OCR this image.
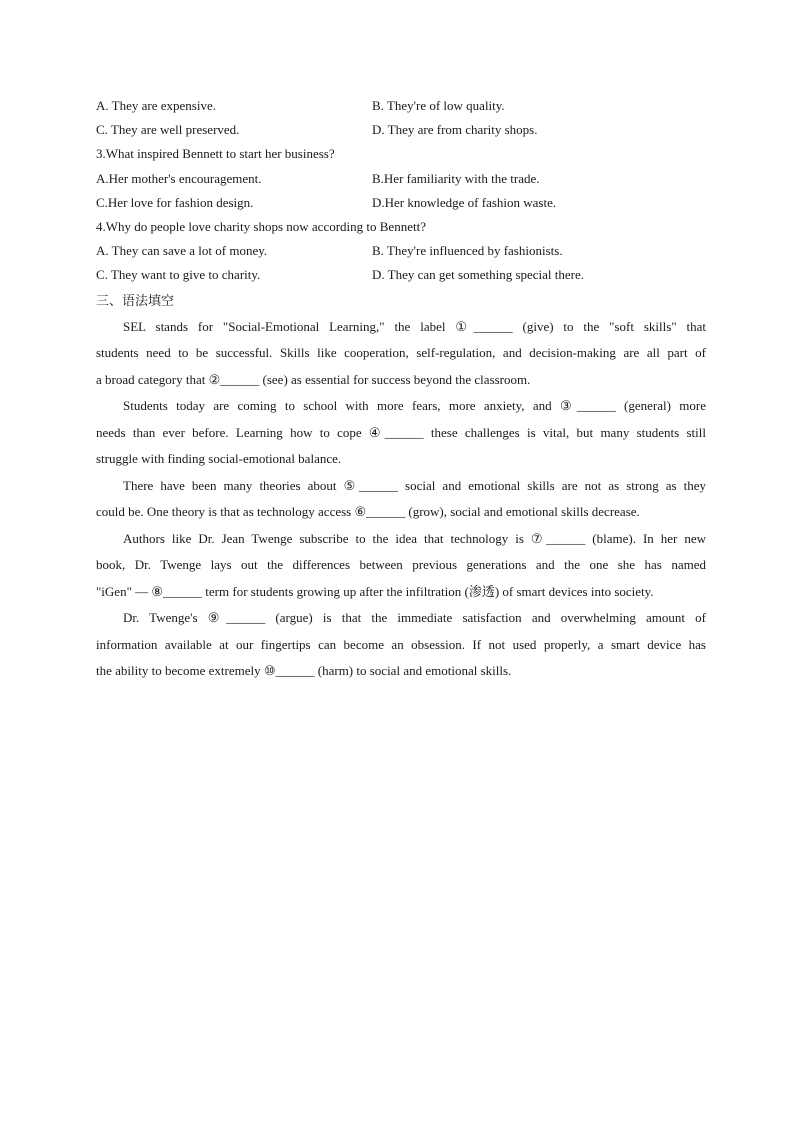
A. They are expensive.	B. They're of low quality.
C. They are well preserved.	D. They are from charity shops.
3.What inspired Bennett to start her business?
A.Her mother's encouragement.	B.Her familiarity with the trade.
C.Her love for fashion design.	D.Her knowledge of fashion waste.
4.Why do people love charity shops now according to Bennett?
A. They can save a lot of money.	B. They're influenced by fashionists.
C. They want to give to charity.	D. They can get something special there.
三、语法填空
SEL stands for "Social-Emotional Learning," the label ①______ (give) to the "soft skills" that
students need to be successful. Skills like cooperation, self-regulation, and decision-making are all part of
a broad category that ②______ (see) as essential for success beyond the classroom.
Students today are coming to school with more fears, more anxiety, and ③______ (general) more
needs than ever before. Learning how to cope ④______ these challenges is vital, but many students still
struggle with finding social-emotional balance.
There have been many theories about ⑤______ social and emotional skills are not as strong as they
could be. One theory is that as technology access ⑥______ (grow), social and emotional skills decrease.
Authors like Dr. Jean Twenge subscribe to the idea that technology is ⑦______ (blame). In her new
book, Dr. Twenge lays out the differences between previous generations and the one she has named
"iGen" — ⑧______ term for students growing up after the infiltration (渗透) of smart devices into society.
Dr. Twenge's ⑨______ (argue) is that the immediate satisfaction and overwhelming amount of
information available at our fingertips can become an obsession. If not used properly, a smart device has
the ability to become extremely ⑩______ (harm) to social and emotional skills.
